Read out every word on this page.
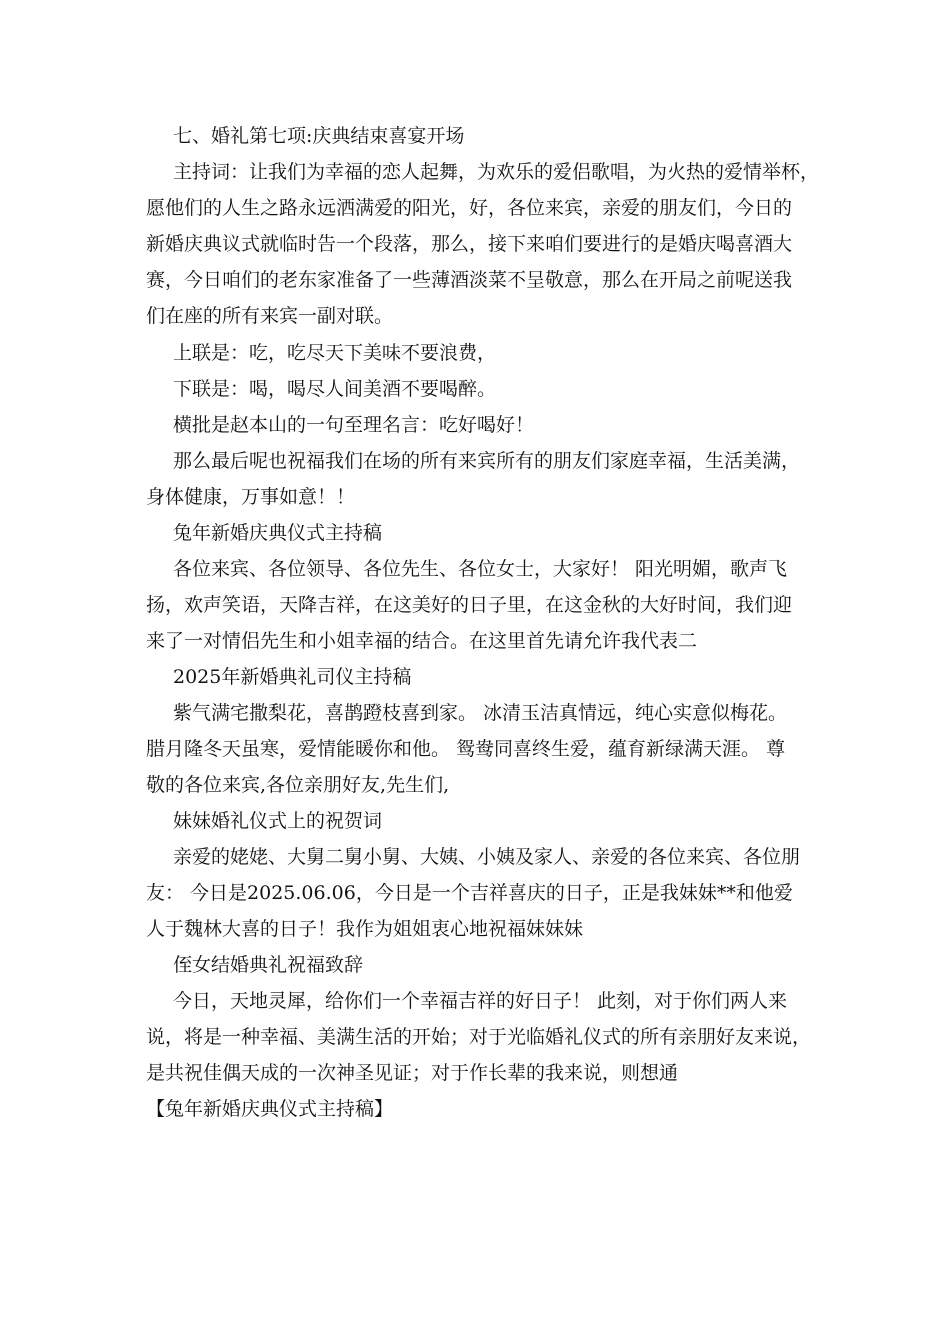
七、婚礼第七项:庆典结束喜宴开场
主持词：让我们为幸福的恋人起舞，为欢乐的爱侣歌唱，为火热的爱情举杯，
愿他们的人生之路永远洒满爱的阳光，好，各位来宾，亲爱的朋友们，今日的
新婚庆典议式就临时告一个段落，那么，接下来咱们要进行的是婚庆喝喜酒大
赛，今日咱们的老东家准备了一些薄酒淡菜不呈敬意，那么在开局之前呢送我
们在座的所有来宾一副对联。
上联是：吃，吃尽天下美味不要浪费，
下联是：喝，喝尽人间美酒不要喝醉。
横批是赵本山的一句至理名言：吃好喝好！
那么最后呢也祝福我们在场的所有来宾所有的朋友们家庭幸福，生活美满，
身体健康，万事如意！！
兔年新婚庆典仪式主持稿
各位来宾、各位领导、各位先生、各位女士，大家好！ 阳光明媚，歌声飞
扬，欢声笑语，天降吉祥，在这美好的日子里，在这金秋的大好时间，我们迎
来了一对情侣先生和小姐幸福的结合。在这里首先请允许我代表二
2025年新婚典礼司仪主持稿
紫气满宅撒梨花，喜鹊蹬枝喜到家。 冰清玉洁真情远，纯心实意似梅花。
腊月隆冬天虽寒，爱情能暖你和他。 鸳鸯同喜终生爱，蕴育新绿满天涯。 尊
敬的各位来宾,各位亲朋好友,先生们,
妹妹婚礼仪式上的祝贺词
亲爱的姥姥、大舅二舅小舅、大姨、小姨及家人、亲爱的各位来宾、各位朋
友： 今日是2025.06.06，今日是一个吉祥喜庆的日子，正是我妹妹**和他爱
人于魏林大喜的日子！我作为姐姐衷心地祝福妹妹妹
侄女结婚典礼祝福致辞
今日，天地灵犀，给你们一个幸福吉祥的好日子！ 此刻，对于你们两人来
说，将是一种幸福、美满生活的开始；对于光临婚礼仪式的所有亲朋好友来说，
是共祝佳偶天成的一次神圣见证；对于作长辈的我来说，则想通
【兔年新婚庆典仪式主持稿】
